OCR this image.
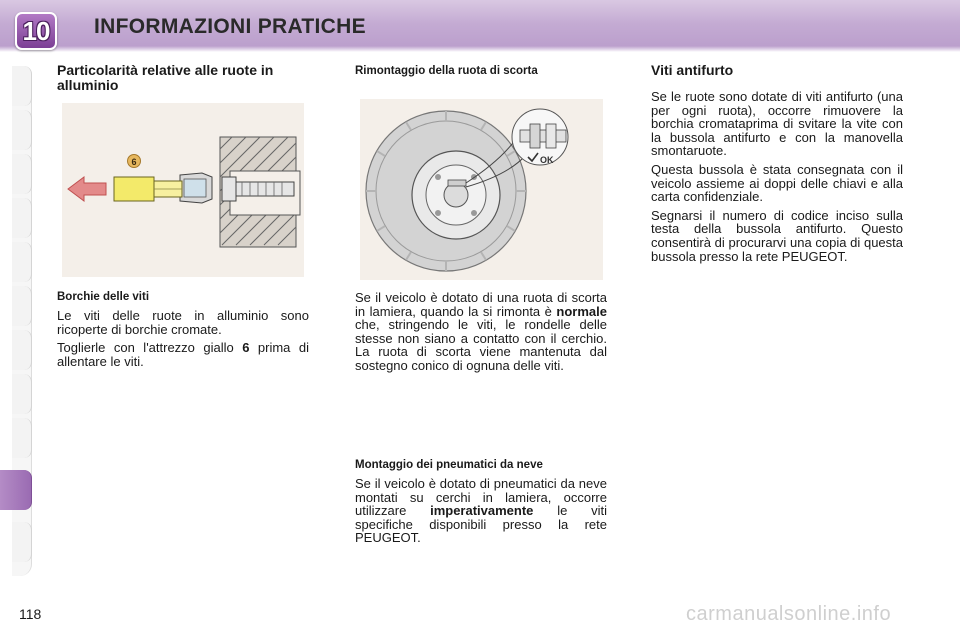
10 INFORMAZIONI PRATICHE
Particolarità relative alle ruote in alluminio
6
Borchie delle viti

Le viti delle ruote in alluminio sono ricoperte di borchie cromate.

Toglierle con l'attrezzo giallo 6 prima di allentare le viti.

Rimontaggio della ruota di scorta
OK

Se il veicolo è dotato di una ruota di scorta in lamiera, quando la si rimonta è normale che, stringendo le viti, le rondelle delle stesse non siano a contatto con il cerchio. La ruota di scorta viene mantenuta dal sostegno conico di ognuna delle viti.

Montaggio dei pneumatici da neve

Se il veicolo è dotato di pneumatici da neve montati su cerchi in lamiera, occorre utilizzare imperativamente le viti specifiche disponibili presso la rete PEUGEOT.

Viti antifurto

Se le ruote sono dotate di viti antifurto (una per ogni ruota), occorre rimuovere la borchia cromataprima di svitare la vite con la bussola antifurto e con la manovella smontaruote.

Questa bussola è stata consegnata con il veicolo assieme ai doppi delle chiavi e alla carta confidenziale.

Segnarsi il numero di codice inciso sulla testa della bussola antifurto. Questo consentirà di procurarvi una copia di questa bussola presso la rete PEUGEOT.

118	carmanualsonline.info
